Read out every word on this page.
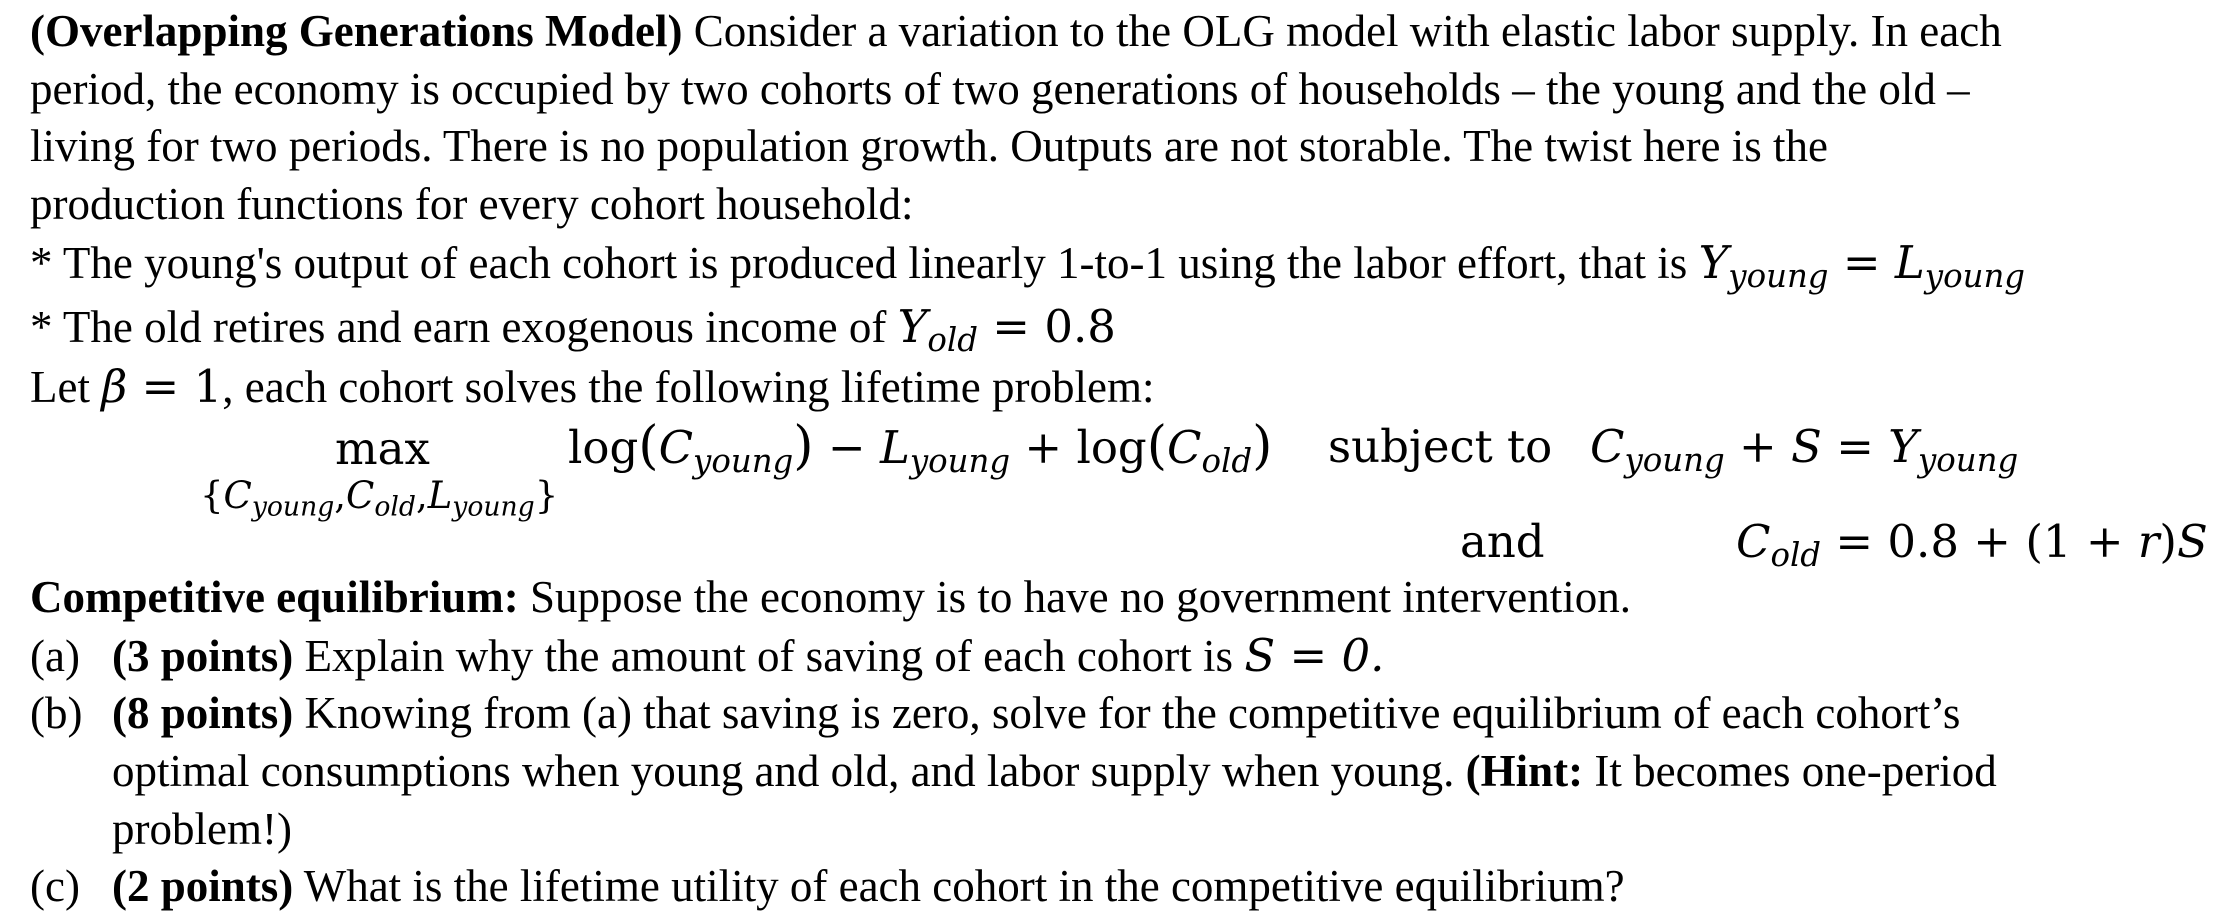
(Overlapping Generations Model) Consider a variation to the OLG model with elastic labor supply. In each
period, the economy is occupied by two cohorts of two generations of households – the young and the old –
living for two periods. There is no population growth. Outputs are not storable. The twist here is the
production functions for every cohort household:
* The young's output of each cohort is produced linearly 1-to-1 using the labor effort, that is $Y_{young} = L_{young}$
* The old retires and earn exogenous income of $Y_{old} = 0.8$
Let β = 1, each cohort solves the following lifetime problem:
max
$\{C_{young},C_{old},L_{young}\}$
$\log(C_{young}) - L_{young} + \log(C_{old})$ subject to $C_{young} + S = Y_{young}$
and	$C_{old} = 0.8 + (1 + r)S$
Competitive equilibrium: Suppose the economy is to have no government intervention.
(a) (3 points) Explain why the amount of saving of each cohort is S = 0.
(b) (8 points) Knowing from (a) that saving is zero, solve for the competitive equilibrium of each cohort’s
optimal consumptions when young and old, and labor supply when young. (Hint: It becomes one-period
problem!)
(c) (2 points) What is the lifetime utility of each cohort in the competitive equilibrium?
